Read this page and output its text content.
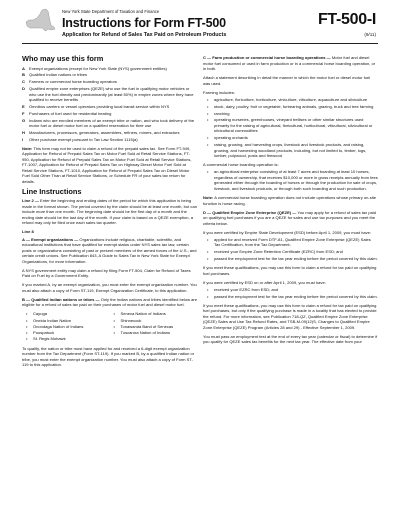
New York State Department of Taxation and Finance
Instructions for Form FT-500
Application for Refund of Sales Tax Paid on Petroleum Products
FT-500-I
(9/11)
Who may use this form
A Exempt organizations (except for New York State (NYS) government entities)
B Qualified Indian nations or tribes
C Farmers or commercial horse boarding operators
D Qualified empire zone enterprises (QEZE) who use the fuel in qualifying motor vehicles or who use the fuel directly and predominantly (at least 50%) in empire zones where they have qualified to receive benefits
E Omnibus carriers or vessel operators providing local transit service within NYS
F Purchasers of fuel used for residential heating
G Indians who are enrolled members of an exempt tribe or nation, and who took delivery of the motor fuel or diesel motor fuel on a qualified reservation for their use
H Manufacturers, processors, generators, assemblers, refiners, miners, and extractors
I Other purchase exempt pursuant to Tax Law Section 1115(a)

Note: This form may not be used to claim a refund of the prepaid sales tax. See Form FT-949, Application for Refund of Prepaid Sales Tax on Motor Fuel Sold at Retail Service Stations, FT-950, Application for Refund of Prepaid Sales Tax on Motor Fuel Sold at Retail Service Stations, FT-1007, Application for Refund of Prepaid Sales Tax on Highway Diesel Motor Fuel Sold at Retail Service Stations, FT-1010, Application for Refund of Prepaid Sales Tax on Diesel Motor Fuel Sold Other Than at Retail Service Stations, or Schedule FR of your sales tax return for details.

Line Instructions

Line 2 — Enter the beginning and ending dates of the period for which this application is being made in the format shown. The period covered by the claim should be at least one month, but can include more than one month. The beginning date should be the first day of a month and the ending date should be the last day of the month. If your claim is based on a QEZE exemption, a refund may only be filed once each sales tax quarter.

Line 8

A — Exempt organizations — Organizations include religious, charitable, scientific, and educational institutions that have qualified for exempt status under NYS sales tax law; certain posts or organizations consisting of past or present members of the armed forces of the U.S.; and certain credit unions. See Publication 843, A Guide to Sales Tax in New York State for Exempt Organizations, for more information.

A NYS government entity may claim a refund by filing Form FT-504, Claim for Refund of Taxes Paid on Fuel by a Government Entity.

If you marked A, by an exempt organization, you must enter the exempt organization number. You must also attach a copy of Form ST-119, Exempt Organization Certificate, to this application.

B — Qualified Indian nations or tribes — Only the Indian nations and tribes identified below are eligible for a refund of sales tax paid on their purchases of motor fuel and diesel motor fuel.

• Cayuga
• Oneida Indian Nation
• Onondaga Nation of Indians
• Poospatuck
• St. Regis Mohawk
• Seneca Nation of Indians
• Shinnecock
• Tonawanda Band of Senecas
• Tuscarora Nation of Indians

To qualify, the nation or tribe must have applied for and received a 6-digit exempt organization number from the Tax Department (Form ST-119). If you marked B, by a qualified Indian nation or tribe, you must enter the exempt organization number. You must also attach a copy of Form ST-119 to this application.

C — Farm production or commercial horse boarding operations — Motor fuel and diesel motor fuel consumed or used in farm production or in a commercial horse boarding operation, or in both.

Attach a statement describing in detail the manner in which the motor fuel or diesel motor fuel was used.

Farming includes:

• agriculture, floriculture, horticulture, viniculture, viticulture, aquaculture and silviculture
• stock, dairy, poultry, fruit or vegetable, furbearing animals, grazing, truck and tree farming
• ranching
• operating nurseries, greenhouses, vineyard trellises or other similar structures used primarily for the raising of agricultural, floricultural, horticultural, viticultural, silvicultural or silvicultural commodities
• operating orchards
• raising, growing, and harvesting crops, livestock and livestock products, and raising, growing, and harvesting woodland products, including, but not limited to, timber, logs, lumber, pulpwood, posts and firewood

A commercial horse boarding operation is:

• an agricultural enterprise consisting of at least 7 acres and boarding at least 10 horses, regardless of ownership, that receives $10,000 or more in gross receipts annually from fees generated either through the boarding of horses or through the production for sale of crops, livestock, and livestock products, or through both such boarding and such production.

Note: A commercial horse boarding operation does not include operations whose primary on-site function is horse racing.

D — Qualified Empire Zone Enterprise (QEZE) — You may apply for a refund of sales tax paid on qualifying fuel purchases if you are a QEZE for sales and use tax purposes and you meet the criteria below.

If you were certified by Empire State Development (ESD) before April 1, 2009, you must have:

• applied for and received Form DTF-81, Qualified Empire Zone Enterprise (QEZE) Sales Tax Certification, from the Tax Department;
• received your Empire Zone Retention Certificate (EZRC) from ESD; and
• passed the employment test for the tax year ending before the period covered by this claim.

If you meet these qualifications, you may use this form to claim a refund for tax paid on qualifying fuel purchases.

If you were certified by ESD on or after April 1, 2009, you must have:

• received your EZRC from ESD; and
• passed the employment test for the tax year ending before the period covered by this claim.

If you meet these qualifications, you may use this form to claim a refund for tax paid on qualifying fuel purchases, but only if the qualifying purchase is made in a locality that has elected to provide the refund. For more information, see Publication 718-QZ, Qualified Empire Zone Enterprise (QEZE) Sales and Use Tax Refund Rates, and TSB-M-09(12)S, Changes to Qualified Empire Zone Enterprise (QEZE) Program (Articles 28 and 29) - Effective September 1, 2009.

You must pass an employment test at the end of every tax year (calendar or fiscal) to determine if you qualify for QEZE sales tax benefits for the next tax year. The effective date from your
